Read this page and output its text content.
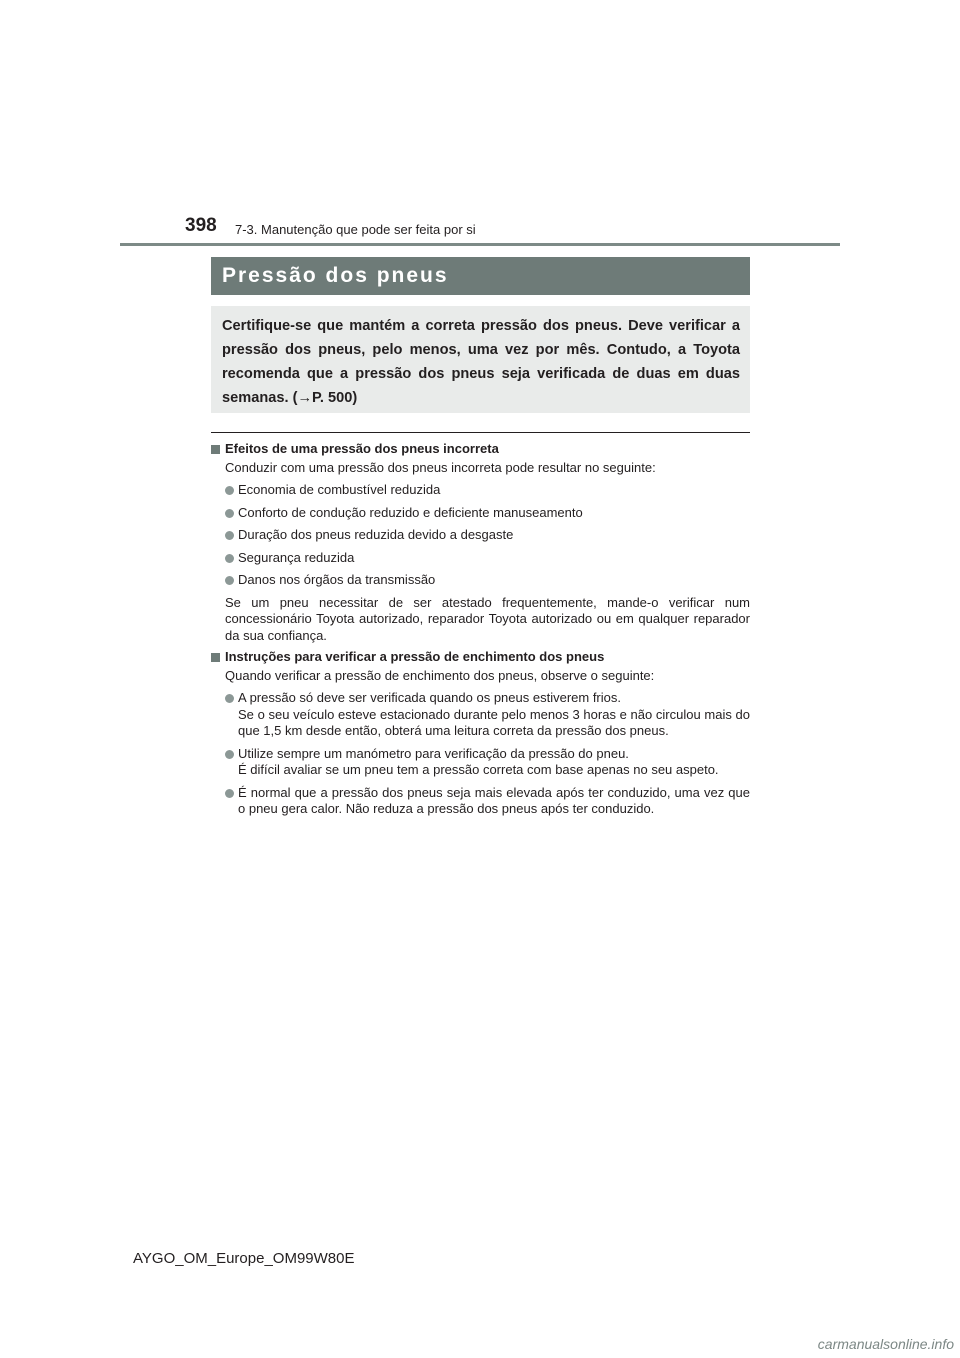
398 7-3. Manutenção que pode ser feita por si
Pressão dos pneus
Certifique-se que mantém a correta pressão dos pneus. Deve verificar a pressão dos pneus, pelo menos, uma vez por mês. Contudo, a Toyota recomenda que a pressão dos pneus seja verificada de duas em duas semanas. (→P. 500)
Efeitos de uma pressão dos pneus incorreta
Conduzir com uma pressão dos pneus incorreta pode resultar no seguinte:
Economia de combustível reduzida
Conforto de condução reduzido e deficiente manuseamento
Duração dos pneus reduzida devido a desgaste
Segurança reduzida
Danos nos órgãos da transmissão
Se um pneu necessitar de ser atestado frequentemente, mande-o verificar num concessionário Toyota autorizado, reparador Toyota autorizado ou em qualquer reparador da sua confiança.
Instruções para verificar a pressão de enchimento dos pneus
Quando verificar a pressão de enchimento dos pneus, observe o seguinte:
A pressão só deve ser verificada quando os pneus estiverem frios.
Se o seu veículo esteve estacionado durante pelo menos 3 horas e não circulou mais do que 1,5 km desde então, obterá uma leitura correta da pressão dos pneus.
Utilize sempre um manómetro para verificação da pressão do pneu.
É difícil avaliar se um pneu tem a pressão correta com base apenas no seu aspeto.
É normal que a pressão dos pneus seja mais elevada após ter conduzido, uma vez que o pneu gera calor. Não reduza a pressão dos pneus após ter conduzido.
AYGO_OM_Europe_OM99W80E
carmanualsonline.info
